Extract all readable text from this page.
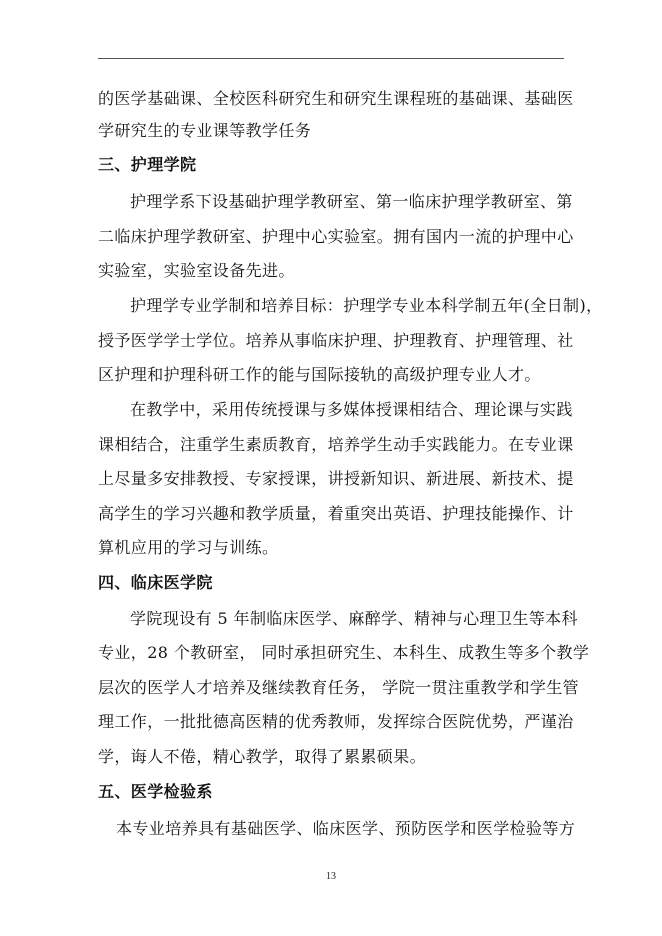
的医学基础课、全校医科研究生和研究生课程班的基础课、基础医
学研究生的专业课等教学任务
三、护理学院
护理学系下设基础护理学教研室、第一临床护理学教研室、第
二临床护理学教研室、护理中心实验室。拥有国内一流的护理中心
实验室，实验室设备先进。
护理学专业学制和培养目标：护理学专业本科学制五年(全日制)，
授予医学学士学位。培养从事临床护理、护理教育、护理管理、社
区护理和护理科研工作的能与国际接轨的高级护理专业人才。
在教学中，采用传统授课与多媒体授课相结合、理论课与实践
课相结合，注重学生素质教育，培养学生动手实践能力。在专业课
上尽量多安排教授、专家授课，讲授新知识、新进展、新技术、提
高学生的学习兴趣和教学质量，着重突出英语、护理技能操作、计
算机应用的学习与训练。
四、临床医学院
学院现设有 5 年制临床医学、麻醉学、精神与心理卫生等本科
专业，28 个教研室， 同时承担研究生、本科生、成教生等多个教学
层次的医学人才培养及继续教育任务， 学院一贯注重教学和学生管
理工作，一批批德高医精的优秀教师，发挥综合医院优势，严谨治
学，诲人不倦，精心教学，取得了累累硕果。
五、医学检验系
本专业培养具有基础医学、临床医学、预防医学和医学检验等方
13
